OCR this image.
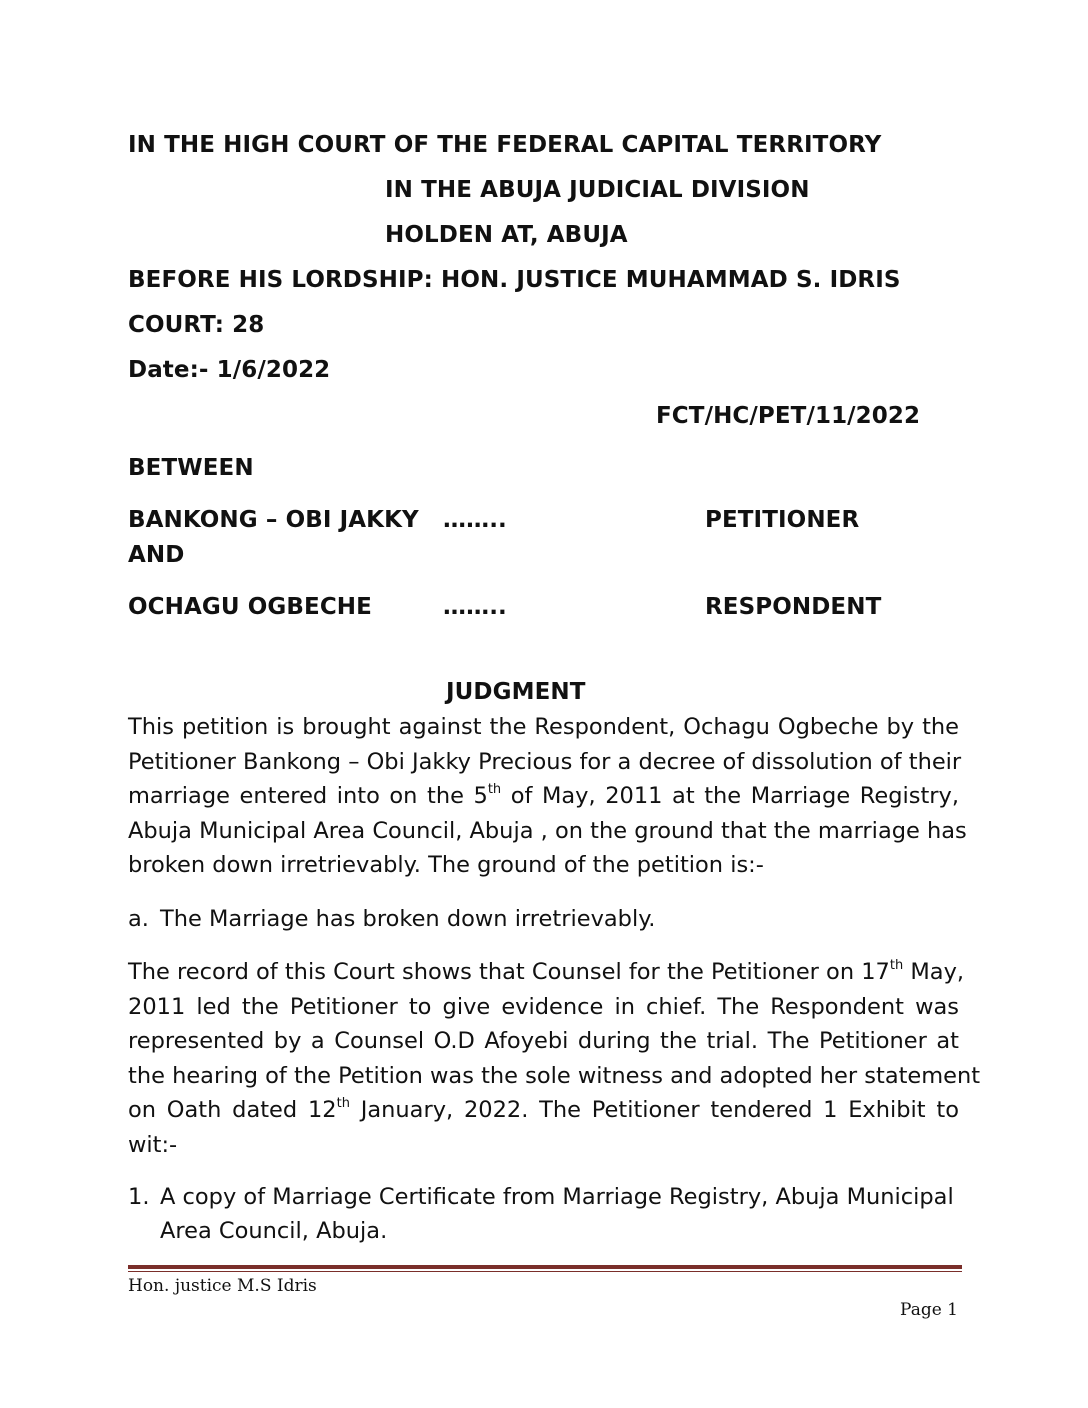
IN THE HIGH COURT OF THE FEDERAL CAPITAL TERRITORY
IN THE ABUJA JUDICIAL DIVISION
HOLDEN AT, ABUJA
BEFORE HIS LORDSHIP: HON. JUSTICE MUHAMMAD S. IDRIS
COURT: 28
Date:- 1/6/2022
FCT/HC/PET/11/2022
BETWEEN
BANKONG – OBI JAKKY ……..	PETITIONER
AND
OCHAGU OGBECHE	……..	RESPONDENT
JUDGMENT
This petition is brought against the Respondent, Ochagu Ogbeche by the
Petitioner Bankong – Obi Jakky Precious for a decree of dissolution of their
marriage entered into on the 5th of May, 2011 at the Marriage Registry,
Abuja Municipal Area Council, Abuja , on the ground that the marriage has
broken down irretrievably. The ground of the petition is:-
a. The Marriage has broken down irretrievably.
The record of this Court shows that Counsel for the Petitioner on 17th May,
2011 led the Petitioner to give evidence in chief. The Respondent was
represented by a Counsel O.D Afoyebi during the trial. The Petitioner at
the hearing of the Petition was the sole witness and adopted her statement
on Oath dated 12th January, 2022. The Petitioner tendered 1 Exhibit to
wit:-
1. A copy of Marriage Certificate from Marriage Registry, Abuja Municipal
Area Council, Abuja.
Hon. justice M.S Idris
Page 1
